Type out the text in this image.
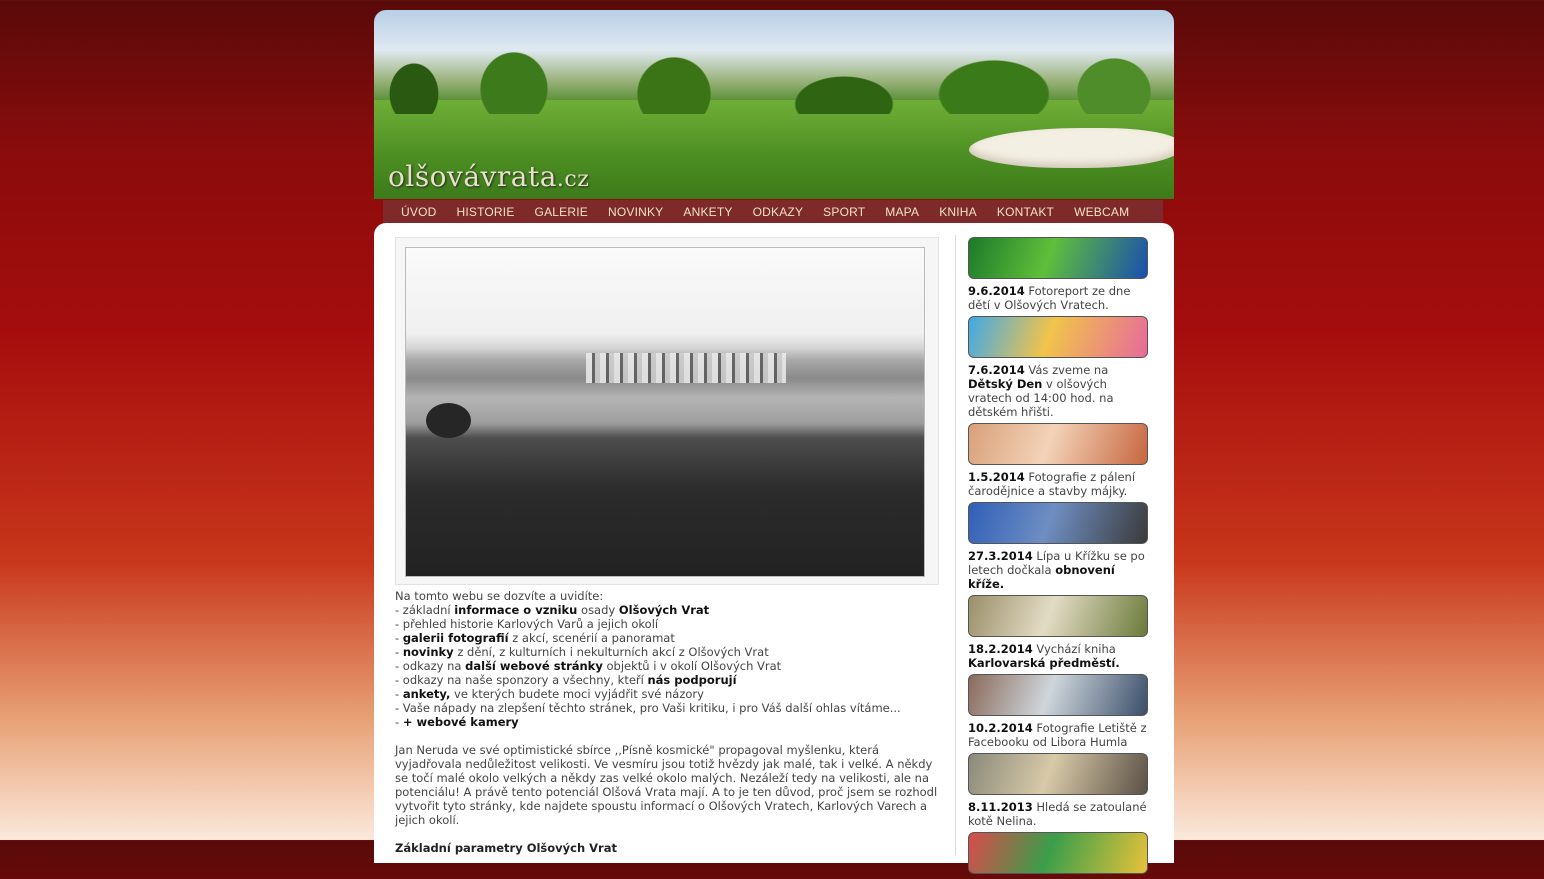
olšovávrata.cz
ÚVOD HISTORIE GALERIE NOVINKY ANKETY ODKAZY SPORT MAPA KNIHA KONTAKT WEBCAM

Na tomto webu se dozvíte a uvidíte:

- základní informace o vzniku osady Olšových Vrat

- přehled historie Karlových Varů a jejich okolí

- galerii fotografií z akcí, scenérií a panoramat

- novinky z dění, z kulturních i nekulturních akcí z Olšových Vrat

- odkazy na další webové stránky objektů i v okolí Olšových Vrat

- odkazy na naše sponzory a všechny, kteří nás podporují

- ankety, ve kterých budete moci vyjádřit své názory

- Vaše nápady na zlepšení těchto stránek, pro Vaši kritiku, i pro Váš další ohlas vítáme...

- + webové kamery

Jan Neruda ve své optimistické sbírce ,,Písně kosmické" propagoval myšlenku, která vyjadřovala nedůležitost velikosti. Ve vesmíru jsou totiž hvězdy jak malé, tak i velké. A někdy se točí malé okolo velkých a někdy zas velké okolo malých. Nezáleží tedy na velikosti, ale na potenciálu! A právě tento potenciál Olšová Vrata mají. A to je ten důvod, proč jsem se rozhodl vytvořit tyto stránky, kde najdete spoustu informací o Olšových Vratech, Karlových Varech a jejich okolí.

Základní parametry Olšových Vrat

9.6.2014 Fotoreport ze dne dětí v Olšových Vratech.
7.6.2014 Vás zveme na Dětský Den v olšových vratech od 14:00 hod. na dětském hřišti.
1.5.2014 Fotografie z pálení čarodějnice a stavby májky.
27.3.2014 Lípa u Křížku se po letech dočkala obnovení kříže.
18.2.2014 Vychází kniha Karlovarská předměstí.
10.2.2014 Fotografie Letiště z Facebooku od Libora Humla
8.11.2013 Hledá se zatoulané kotě Nelina.
